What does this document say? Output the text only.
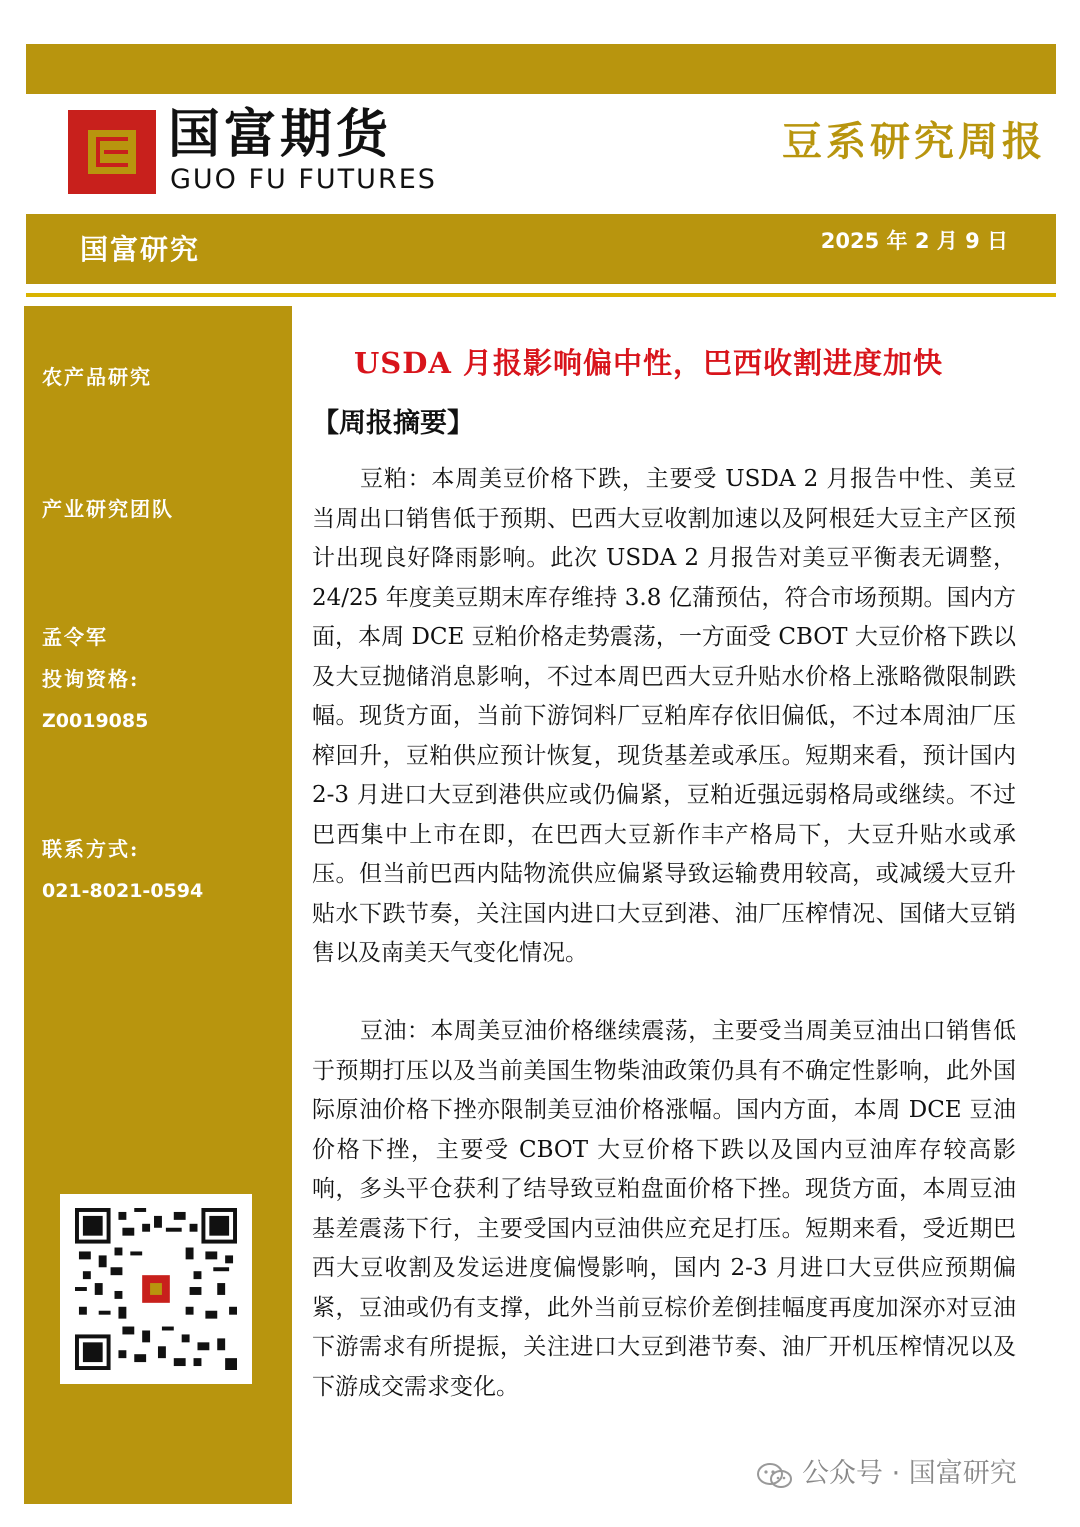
国富期货
GUO FU FUTURES
豆系研究周报
国富研究	2025 年 2 月 9 日
农产品研究
产业研究团队
孟令军
投询资格:
Z0019085
联系方式:
021-8021-0594
USDA 月报影响偏中性，巴西收割进度加快
【周报摘要】
豆粕：本周美豆价格下跌，主要受 USDA 2 月报告中性、美豆当周出口销售低于预期、巴西大豆收割加速以及阿根廷大豆主产区预计出现良好降雨影响。此次 USDA 2 月报告对美豆平衡表无调整，24/25 年度美豆期末库存维持 3.8 亿蒲预估，符合市场预期。国内方面，本周 DCE 豆粕价格走势震荡，一方面受 CBOT 大豆价格下跌以及大豆抛储消息影响，不过本周巴西大豆升贴水价格上涨略微限制跌幅。现货方面，当前下游饲料厂豆粕库存依旧偏低，不过本周油厂压榨回升，豆粕供应预计恢复，现货基差或承压。短期来看，预计国内 2-3 月进口大豆到港供应或仍偏紧，豆粕近强远弱格局或继续。不过巴西集中上市在即，在巴西大豆新作丰产格局下，大豆升贴水或承压。但当前巴西内陆物流供应偏紧导致运输费用较高，或减缓大豆升贴水下跌节奏，关注国内进口大豆到港、油厂压榨情况、国储大豆销售以及南美天气变化情况。
豆油：本周美豆油价格继续震荡，主要受当周美豆油出口销售低于预期打压以及当前美国生物柴油政策仍具有不确定性影响，此外国际原油价格下挫亦限制美豆油价格涨幅。国内方面，本周 DCE 豆油价格下挫，主要受 CBOT 大豆价格下跌以及国内豆油库存较高影响，多头平仓获利了结导致豆粕盘面价格下挫。现货方面，本周豆油基差震荡下行，主要受国内豆油供应充足打压。短期来看，受近期巴西大豆收割及发运进度偏慢影响，国内 2-3 月进口大豆供应预期偏紧，豆油或仍有支撑，此外当前豆棕价差倒挂幅度再度加深亦对豆油下游需求有所提振，关注进口大豆到港节奏、油厂开机压榨情况以及下游成交需求变化。
公众号 · 国富研究
